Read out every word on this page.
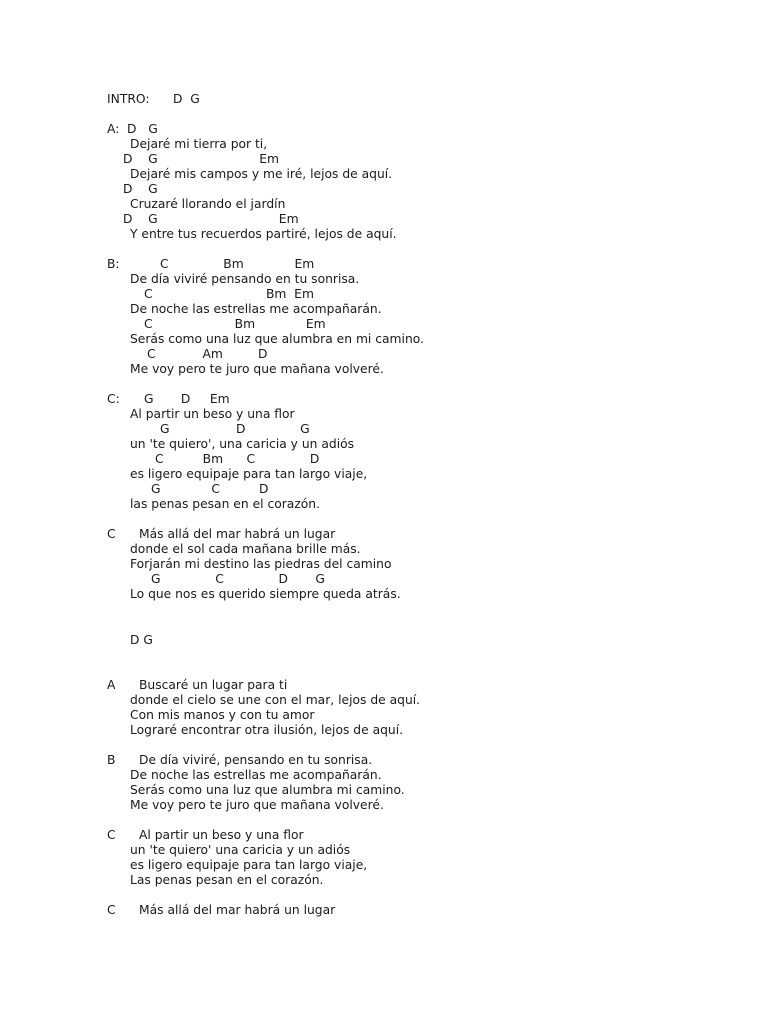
INTRO: D  G
A: D   G
Dejaré mi tierra por ti,
D    G                          Em
Dejaré mis campos y me iré, lejos de aquí.
D    G
Cruzaré llorando el jardín
D    G                               Em
Y entre tus recuerdos partiré, lejos de aquí.
B:	C              Bm             Em
De día viviré pensando en tu sonrisa.
C                             Bm  Em
De noche las estrellas me acompañarán.
C                     Bm             Em
Serás como una luz que alumbra en mi camino.
C            Am         D
Me voy pero te juro que mañana volveré.
C: G       D     Em
Al partir un beso y una flor
G                 D              G
un 'te quiero', una caricia y un adiós
C          Bm      C              D
es ligero equipaje para tan largo viaje,
G             C          D
las penas pesan en el corazón.
C Más allá del mar habrá un lugar
donde el sol cada mañana brille más.
Forjarán mi destino las piedras del camino
G              C              D       G
Lo que nos es querido siempre queda atrás.
D G
A Buscaré un lugar para ti
donde el cielo se une con el mar, lejos de aquí.
Con mis manos y con tu amor
Lograré encontrar otra ilusión, lejos de aquí.
B De día viviré, pensando en tu sonrisa.
De noche las estrellas me acompañarán.
Serás como una luz que alumbra mi camino.
Me voy pero te juro que mañana volveré.
C Al partir un beso y una flor
un 'te quiero' una caricia y un adiós
es ligero equipaje para tan largo viaje,
Las penas pesan en el corazón.
C Más allá del mar habrá un lugar
